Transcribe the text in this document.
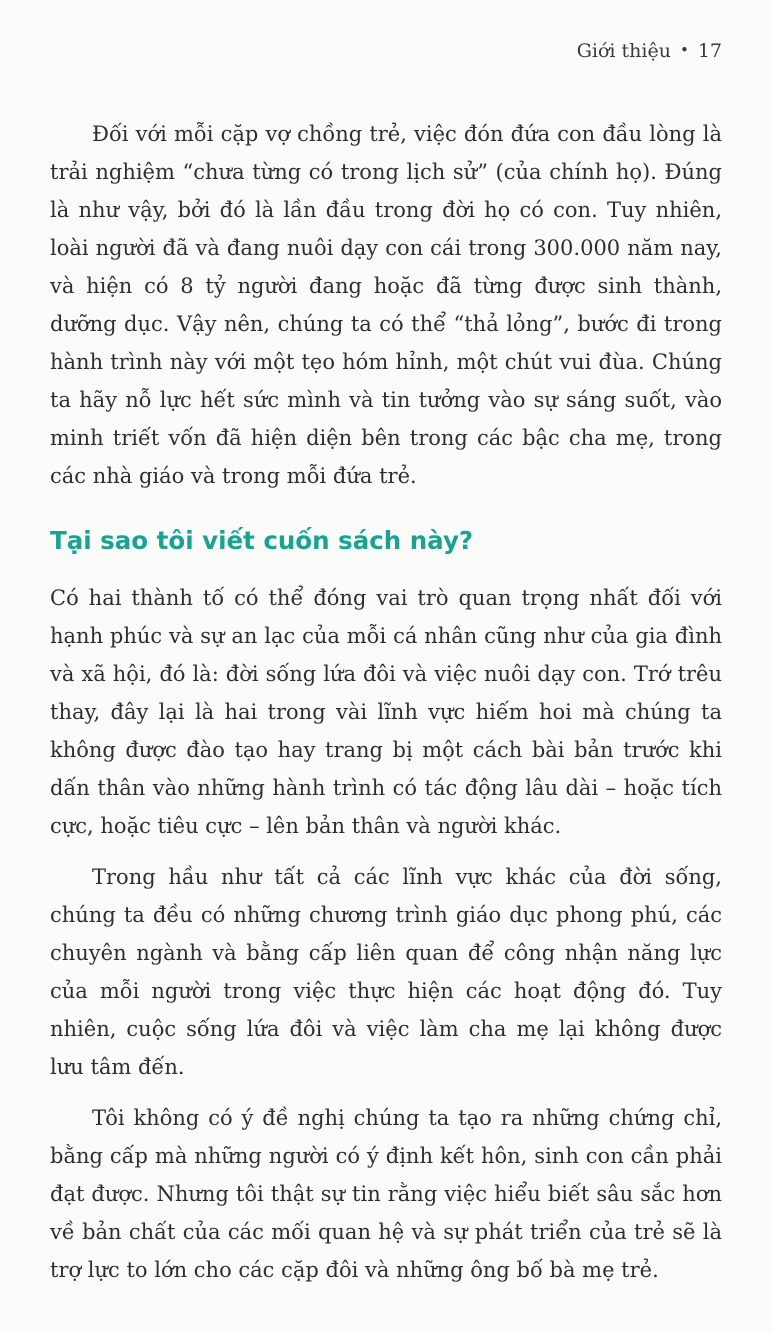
Giới thiệu • 17

Đối với mỗi cặp vợ chồng trẻ, việc đón đứa con đầu lòng là trải nghiệm “chưa từng có trong lịch sử” (của chính họ). Đúng là như vậy, bởi đó là lần đầu trong đời họ có con. Tuy nhiên, loài người đã và đang nuôi dạy con cái trong 300.000 năm nay, và hiện có 8 tỷ người đang hoặc đã từng được sinh thành, dưỡng dục. Vậy nên, chúng ta có thể “thả lỏng”, bước đi trong hành trình này với một tẹo hóm hỉnh, một chút vui đùa. Chúng ta hãy nỗ lực hết sức mình và tin tưởng vào sự sáng suốt, vào minh triết vốn đã hiện diện bên trong các bậc cha mẹ, trong các nhà giáo và trong mỗi đứa trẻ.

Tại sao tôi viết cuốn sách này?

Có hai thành tố có thể đóng vai trò quan trọng nhất đối với hạnh phúc và sự an lạc của mỗi cá nhân cũng như của gia đình và xã hội, đó là: đời sống lứa đôi và việc nuôi dạy con. Trớ trêu thay, đây lại là hai trong vài lĩnh vực hiếm hoi mà chúng ta không được đào tạo hay trang bị một cách bài bản trước khi dấn thân vào những hành trình có tác động lâu dài – hoặc tích cực, hoặc tiêu cực – lên bản thân và người khác.

Trong hầu như tất cả các lĩnh vực khác của đời sống, chúng ta đều có những chương trình giáo dục phong phú, các chuyên ngành và bằng cấp liên quan để công nhận năng lực của mỗi người trong việc thực hiện các hoạt động đó. Tuy nhiên, cuộc sống lứa đôi và việc làm cha mẹ lại không được lưu tâm đến.

Tôi không có ý đề nghị chúng ta tạo ra những chứng chỉ, bằng cấp mà những người có ý định kết hôn, sinh con cần phải đạt được. Nhưng tôi thật sự tin rằng việc hiểu biết sâu sắc hơn về bản chất của các mối quan hệ và sự phát triển của trẻ sẽ là trợ lực to lớn cho các cặp đôi và những ông bố bà mẹ trẻ.
